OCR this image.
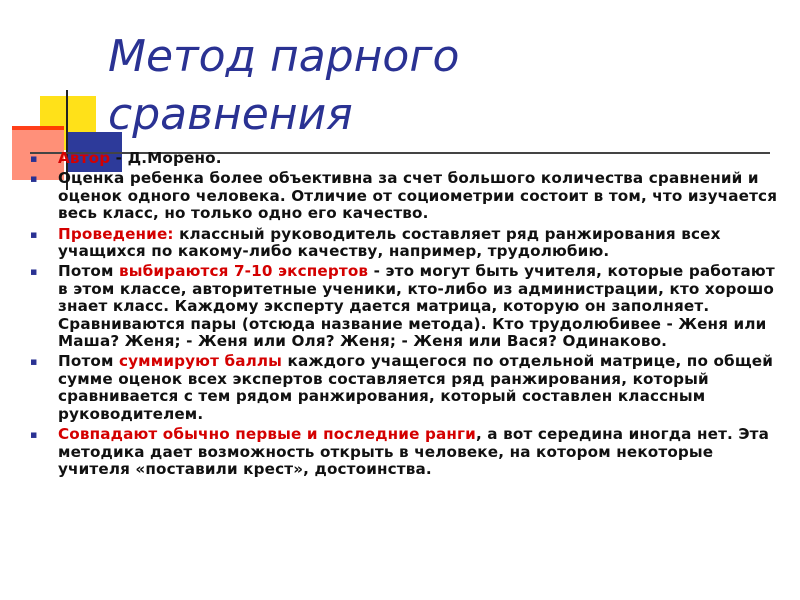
Метод парного
сравнения
▪ Автор - Д.Морено.
▪ Оценка ребенка более объективна за счет большого количества сравнений и оценок одного человека. Отличие от социометрии состоит в том, что изучается весь класс, но только одно его качество.
▪ Проведение: классный руководитель составляет ряд ранжирования всех учащихся по какому-либо качеству, например, трудолюбию.
▪ Потом выбираются 7-10 экспертов - это могут быть учителя, которые работают в этом классе, авторитетные ученики, кто-либо из администрации, кто хорошо знает класс. Каждому эксперту дается матрица, которую он заполняет. Сравниваются пары (отсюда название метода). Кто трудолюбивее - Женя или Маша? Женя; - Женя или Оля? Женя; - Женя или Вася? Одинаково.
▪ Потом суммируют баллы каждого учащегося по отдельной матрице, по общей сумме оценок всех экспертов составляется ряд ранжирования, который сравнивается с тем рядом ранжирования, который составлен классным руководителем.
▪ Совпадают обычно первые и последние ранги, а вот середина иногда нет. Эта методика дает возможность открыть в человеке, на котором некоторые учителя «поставили крест», достоинства.
